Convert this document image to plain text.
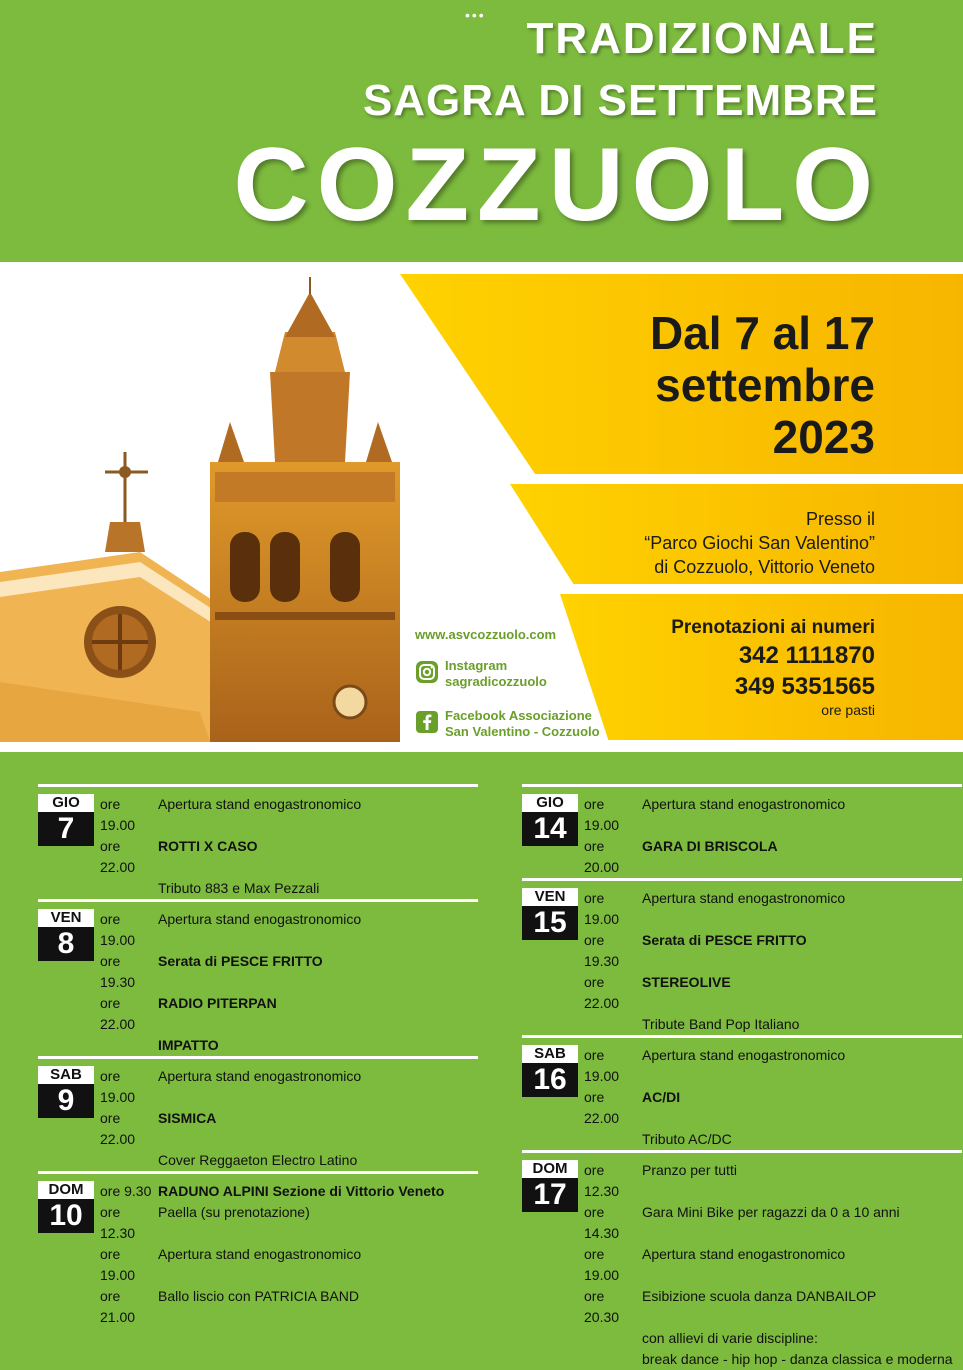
••• TRADIZIONALE
SAGRA DI SETTEMBRE
COZZUOLO
Dal 7 al 17
settembre
2023
Presso il
“Parco Giochi San Valentino”
di Cozzuolo, Vittorio Veneto
Prenotazioni ai numeri
342 1111870
349 5351565
ore pasti
www.asvcozzuolo.com
Instagram
sagradicozzuolo
Facebook Associazione
San Valentino - Cozzuolo
GIO
7
ore 19.00
Apertura stand enogastronomico
ore 22.00
ROTTI X CASO
Tributo 883 e Max Pezzali
VEN
8
ore 19.00
Apertura stand enogastronomico
ore 19.30
Serata di PESCE FRITTO
ore 22.00
RADIO PITERPAN
IMPATTO
SAB
9
ore 19.00
Apertura stand enogastronomico
ore 22.00
SISMICA
Cover Reggaeton Electro Latino
DOM
10
ore 9.30 RADUNO ALPINI Sezione di Vittorio Veneto
ore 12.30
Paella (su prenotazione)
ore 19.00
Apertura stand enogastronomico
ore 21.00
Ballo liscio con PATRICIA BAND
GIO
14
ore 19.00
Apertura stand enogastronomico
ore 20.00
GARA DI BRISCOLA
VEN
15
ore 19.00
Apertura stand enogastronomico
ore 19.30
Serata di PESCE FRITTO
ore 22.00
STEREOLIVE
Tribute Band Pop Italiano
SAB
16
ore 19.00
Apertura stand enogastronomico
ore 22.00
AC/DI
Tributo AC/DC
DOM
17
ore 12.30
Pranzo per tutti
ore 14.30
Gara Mini Bike per ragazzi da 0 a 10 anni
ore 19.00
Apertura stand enogastronomico
ore 20.30
Esibizione scuola danza DANBAILOP
con allievi di varie discipline:
break dance - hip hop - danza classica e moderna
